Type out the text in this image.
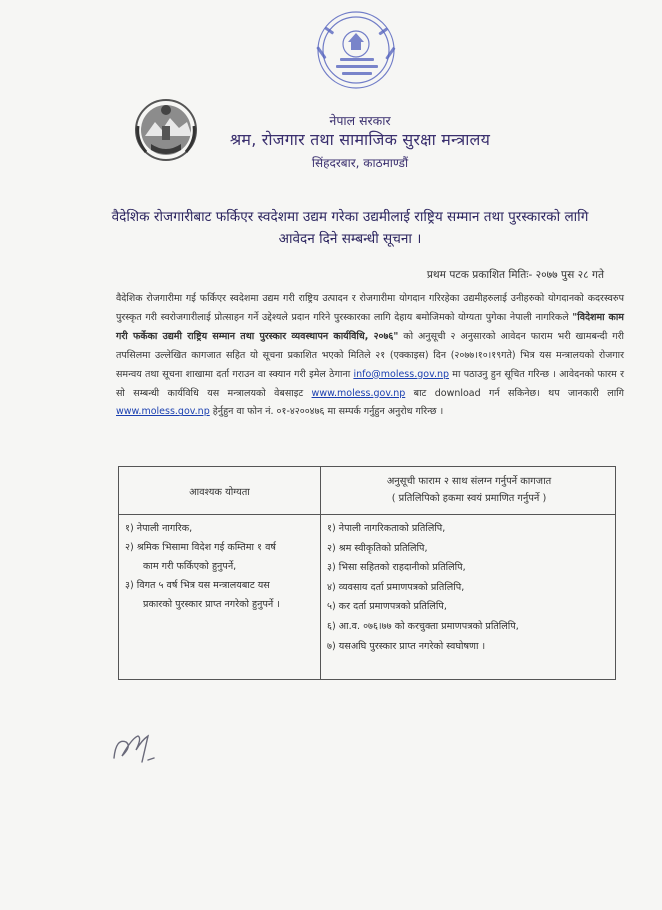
नेपाल सरकार
श्रम, रोजगार तथा सामाजिक सुरक्षा मन्त्रालय
सिंहदरबार, काठमाण्डौं
वैदेशिक रोजगारीबाट फर्किएर स्वदेशमा उद्यम गरेका उद्यमीलाई राष्ट्रिय सम्मान तथा पुरस्कारको लागि
आवेदन दिने सम्बन्धी सूचना ।
प्रथम पटक प्रकाशित मितिः- २०७७ पुस २८ गते
वैदेशिक रोजगारीमा गई फर्किएर स्वदेशमा उद्यम गरी राष्ट्रिय उत्पादन र रोजगारीमा योगदान गरिरहेका उद्यमीहरुलाई उनीहरुको योगदानको कदरस्वरुप पुरस्कृत गरी स्वरोजगारीलाई प्रोत्साहन गर्ने उद्देश्यले प्रदान गरिने पुरस्कारका लागि देहाय बमोजिमको योग्यता पुगेका नेपाली नागरिकले "विदेशमा काम गरी फर्केका उद्यमी राष्ट्रिय सम्मान तथा पुरस्कार व्यवस्थापन कार्यविधि, २०७६" को अनुसूची २ अनुसारको आवेदन फाराम भरी खामबन्दी गरी तपसिलमा उल्लेखित कागजात सहित यो सूचना प्रकाशित भएको मितिले २१ (एक्काइस) दिन (२०७७।१०।१९गते) भित्र यस मन्त्रालयको रोजगार समन्वय तथा सूचना शाखामा दर्ता गराउन वा स्क्यान गरी इमेल ठेगाना info@moless.gov.np मा पठाउनु हुन सूचित गरिन्छ । आवेदनको फारम र सो सम्बन्धी कार्यविधि यस मन्त्रालयको वेबसाइट www.moless.gov.np बाट download गर्न सकिनेछ। थप जानकारी लागि www.moless.gov.np हेर्नुहुन वा फोन नं. ०१-४२००४७६ मा सम्पर्क गर्नुहुन अनुरोध गरिन्छ ।
आवश्यक योग्यता
अनुसूची फाराम २ साथ संलग्न गर्नुपर्ने कागजात
( प्रतिलिपिको हकमा स्वयं प्रमाणित गर्नुपर्ने )
१) नेपाली नागरिक,
२) श्रमिक भिसामा विदेश गई कम्तिमा १ वर्ष
काम गरी फर्किएको हुनुपर्ने,
३) विगत ५ वर्ष भित्र यस मन्त्रालयबाट यस
प्रकारको पुरस्कार प्राप्त नगरेको हुनुपर्ने ।
१) नेपाली नागरिकताको प्रतिलिपि,
२) श्रम स्वीकृतिको प्रतिलिपि,
३) भिसा सहितको राहदानीको प्रतिलिपि,
४) व्यवसाय दर्ता प्रमाणपत्रको प्रतिलिपि,
५) कर दर्ता प्रमाणपत्रको प्रतिलिपि,
६) आ.व. ०७६।७७ को करचुक्ता प्रमाणपत्रको प्रतिलिपि,
७) यसअघि पुरस्कार प्राप्त नगरेको स्वघोषणा ।
